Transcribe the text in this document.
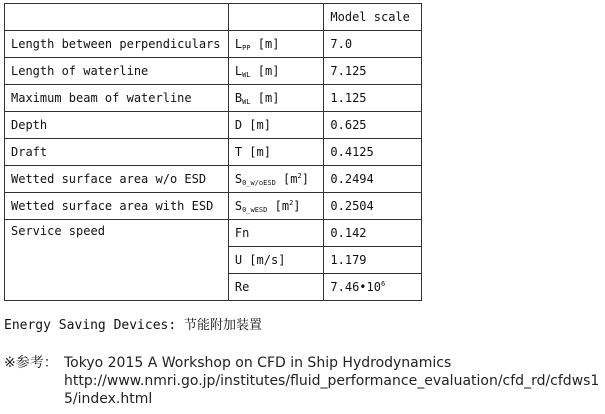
		Model scale
Length between perpendiculars	$L_{PP}$ [m]	7.0
Length of waterline	$L_{WL}$ [m]	7.125
Maximum beam of waterline	$B_{WL}$ [m]	1.125
Depth	D [m]	0.625
Draft	T [m]	0.4125
Wetted surface area w/o ESD	$S_{0\_w/oESD}$ $[m^2]$	0.2494
Wetted surface area with ESD	$S_{0\_wESD}$ $[m^2]$	0.2504
Service speed	Fn	0.142
	U [m/s]	1.179
	Re	$7.46•10^6$
Energy Saving Devices: 节能附加装置
※参考： Tokyo 2015 A Workshop on CFD in Ship Hydrodynamics
http://www.nmri.go.jp/institutes/fluid_performance_evaluation/cfd_rd/cfdws15/index.html
